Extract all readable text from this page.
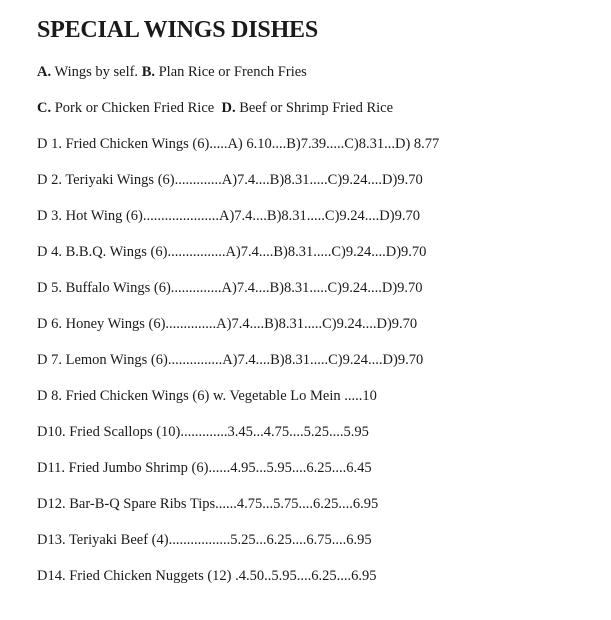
SPECIAL WINGS DISHES
A. Wings by self. B. Plan Rice or French Fries
C. Pork or Chicken Fried Rice  D. Beef or Shrimp Fried Rice
D 1. Fried Chicken Wings (6).....A) 6.10....B)7.39.....C)8.31...D) 8.77
D 2. Teriyaki Wings (6).............A)7.4....B)8.31.....C)9.24....D)9.70
D 3. Hot Wing (6).....................A)7.4....B)8.31.....C)9.24....D)9.70
D 4. B.B.Q. Wings (6)................A)7.4....B)8.31.....C)9.24....D)9.70
D 5. Buffalo Wings (6)..............A)7.4....B)8.31.....C)9.24....D)9.70
D 6. Honey Wings (6)..............A)7.4....B)8.31.....C)9.24....D)9.70
D 7. Lemon Wings (6)...............A)7.4....B)8.31.....C)9.24....D)9.70
D 8. Fried Chicken Wings (6) w. Vegetable Lo Mein .....10
D10. Fried Scallops (10).............3.45...4.75....5.25....5.95
D11. Fried Jumbo Shrimp (6)......4.95...5.95....6.25....6.45
D12. Bar-B-Q Spare Ribs Tips......4.75...5.75....6.25....6.95
D13. Teriyaki Beef (4).................5.25...6.25....6.75....6.95
D14. Fried Chicken Nuggets (12) .4.50..5.95....6.25....6.95
